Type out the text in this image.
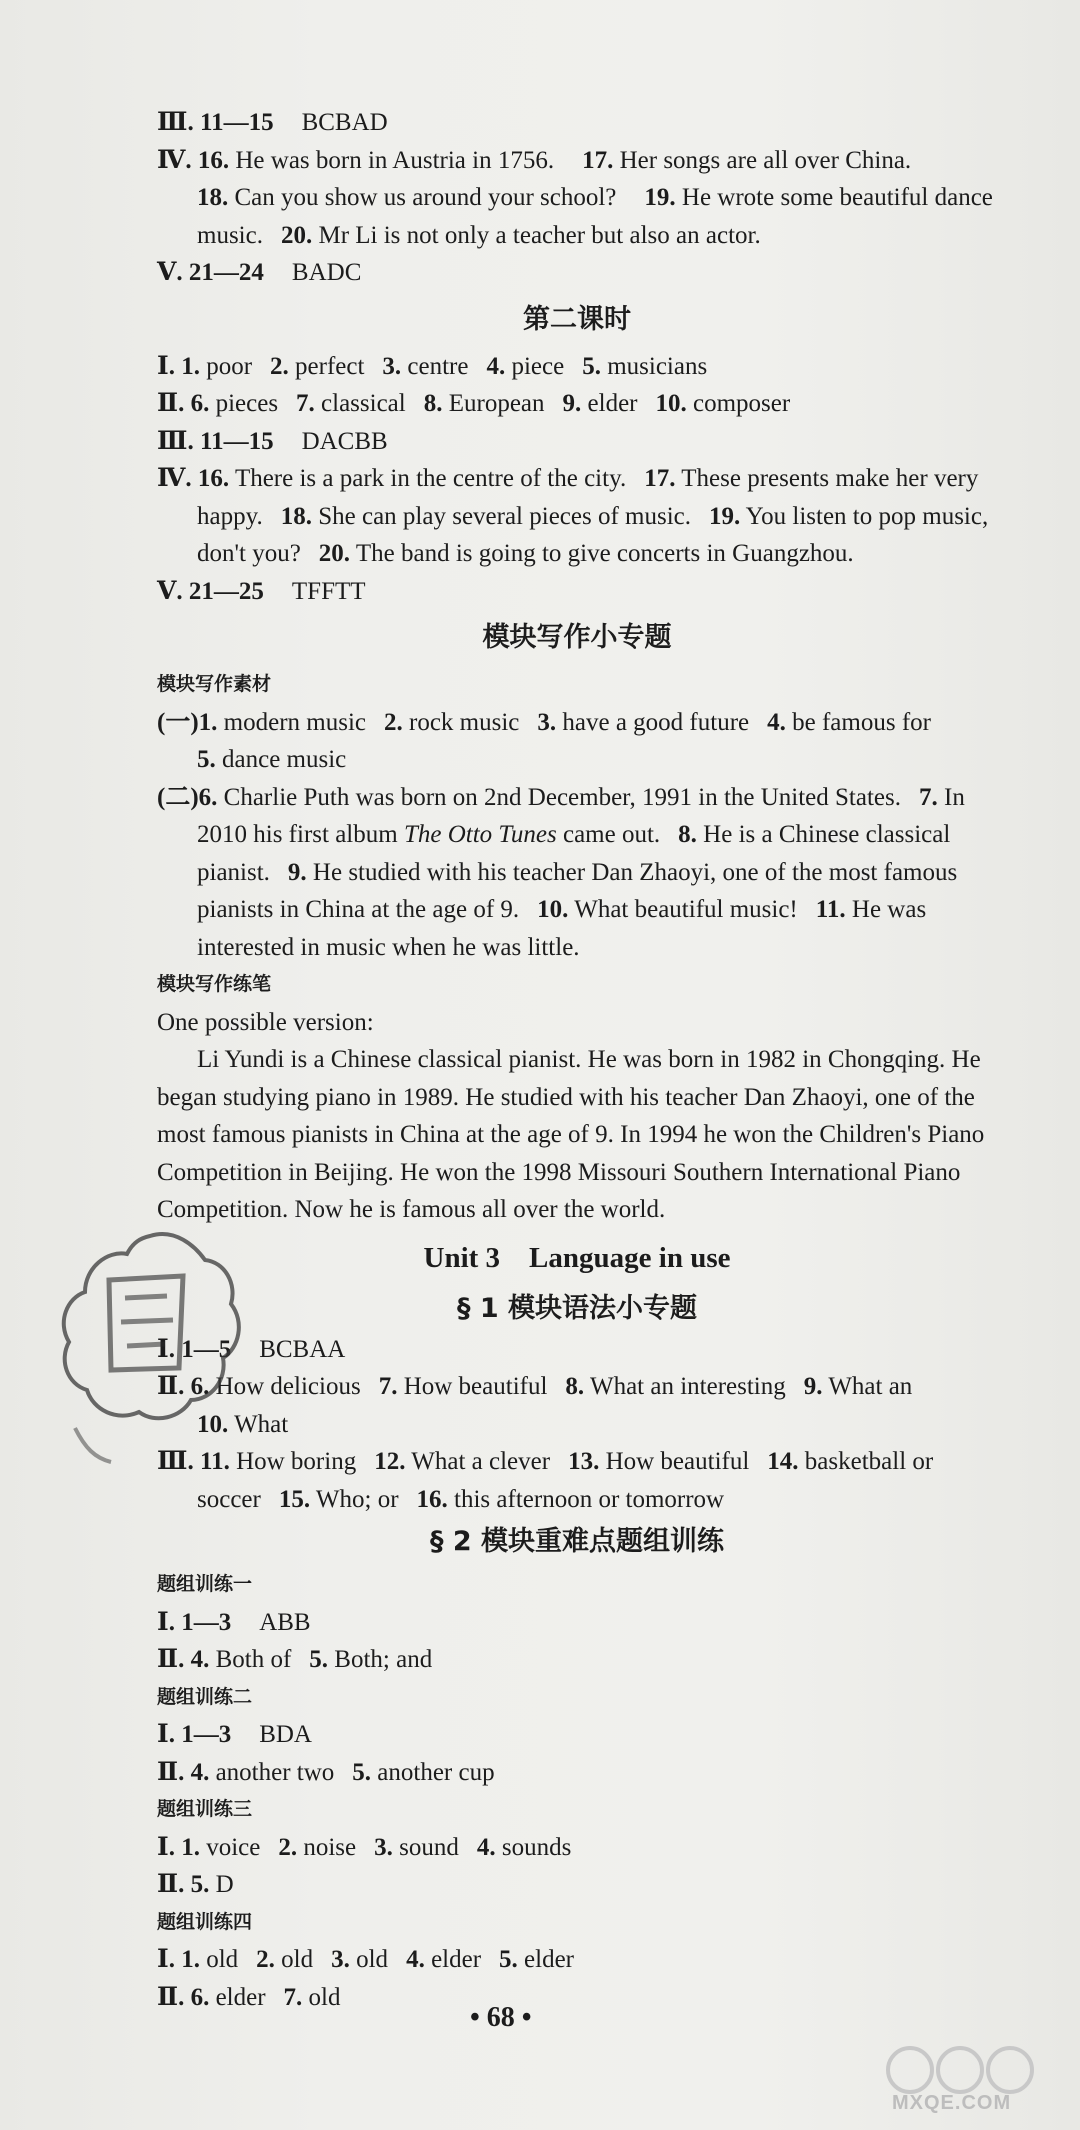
Ⅲ. 11—15 BCBAD
Ⅳ. 16. He was born in Austria in 1756. 17. Her songs are all over China.
18. Can you show us around your school? 19. He wrote some beautiful dance
music. 20. Mr Li is not only a teacher but also an actor.
Ⅴ. 21—24 BADC
第二课时
Ⅰ. 1. poor 2. perfect 3. centre 4. piece 5. musicians
Ⅱ. 6. pieces 7. classical 8. European 9. elder 10. composer
Ⅲ. 11—15 DACBB
Ⅳ. 16. There is a park in the centre of the city. 17. These presents make her very
happy. 18. She can play several pieces of music. 19. You listen to pop music,
don't you? 20. The band is going to give concerts in Guangzhou.
Ⅴ. 21—25 TFFTT
模块写作小专题
模块写作素材
(一)1. modern music 2. rock music 3. have a good future 4. be famous for
5. dance music
(二)6. Charlie Puth was born on 2nd December, 1991 in the United States. 7. In
2010 his first album The Otto Tunes came out. 8. He is a Chinese classical
pianist. 9. He studied with his teacher Dan Zhaoyi, one of the most famous
pianists in China at the age of 9. 10. What beautiful music! 11. He was
interested in music when he was little.
模块写作练笔
One possible version:
Li Yundi is a Chinese classical pianist. He was born in 1982 in Chongqing. He
began studying piano in 1989. He studied with his teacher Dan Zhaoyi, one of the
most famous pianists in China at the age of 9. In 1994 he won the Children's Piano
Competition in Beijing. He won the 1998 Missouri Southern International Piano
Competition. Now he is famous all over the world.
Unit 3    Language in use
§ 1 模块语法小专题
Ⅰ. 1—5 BCBAA
Ⅱ. 6. How delicious 7. How beautiful 8. What an interesting 9. What an
10. What
Ⅲ. 11. How boring 12. What a clever 13. How beautiful 14. basketball or
soccer 15. Who; or 16. this afternoon or tomorrow
§ 2 模块重难点题组训练
题组训练一
Ⅰ. 1—3 ABB
Ⅱ. 4. Both of 5. Both; and
题组训练二
Ⅰ. 1—3 BDA
Ⅱ. 4. another two 5. another cup
题组训练三
Ⅰ. 1. voice 2. noise 3. sound 4. sounds
Ⅱ. 5. D
题组训练四
Ⅰ. 1. old 2. old 3. old 4. elder 5. elder
Ⅱ. 6. elder 7. old
• 68 •
MXQE.COM
